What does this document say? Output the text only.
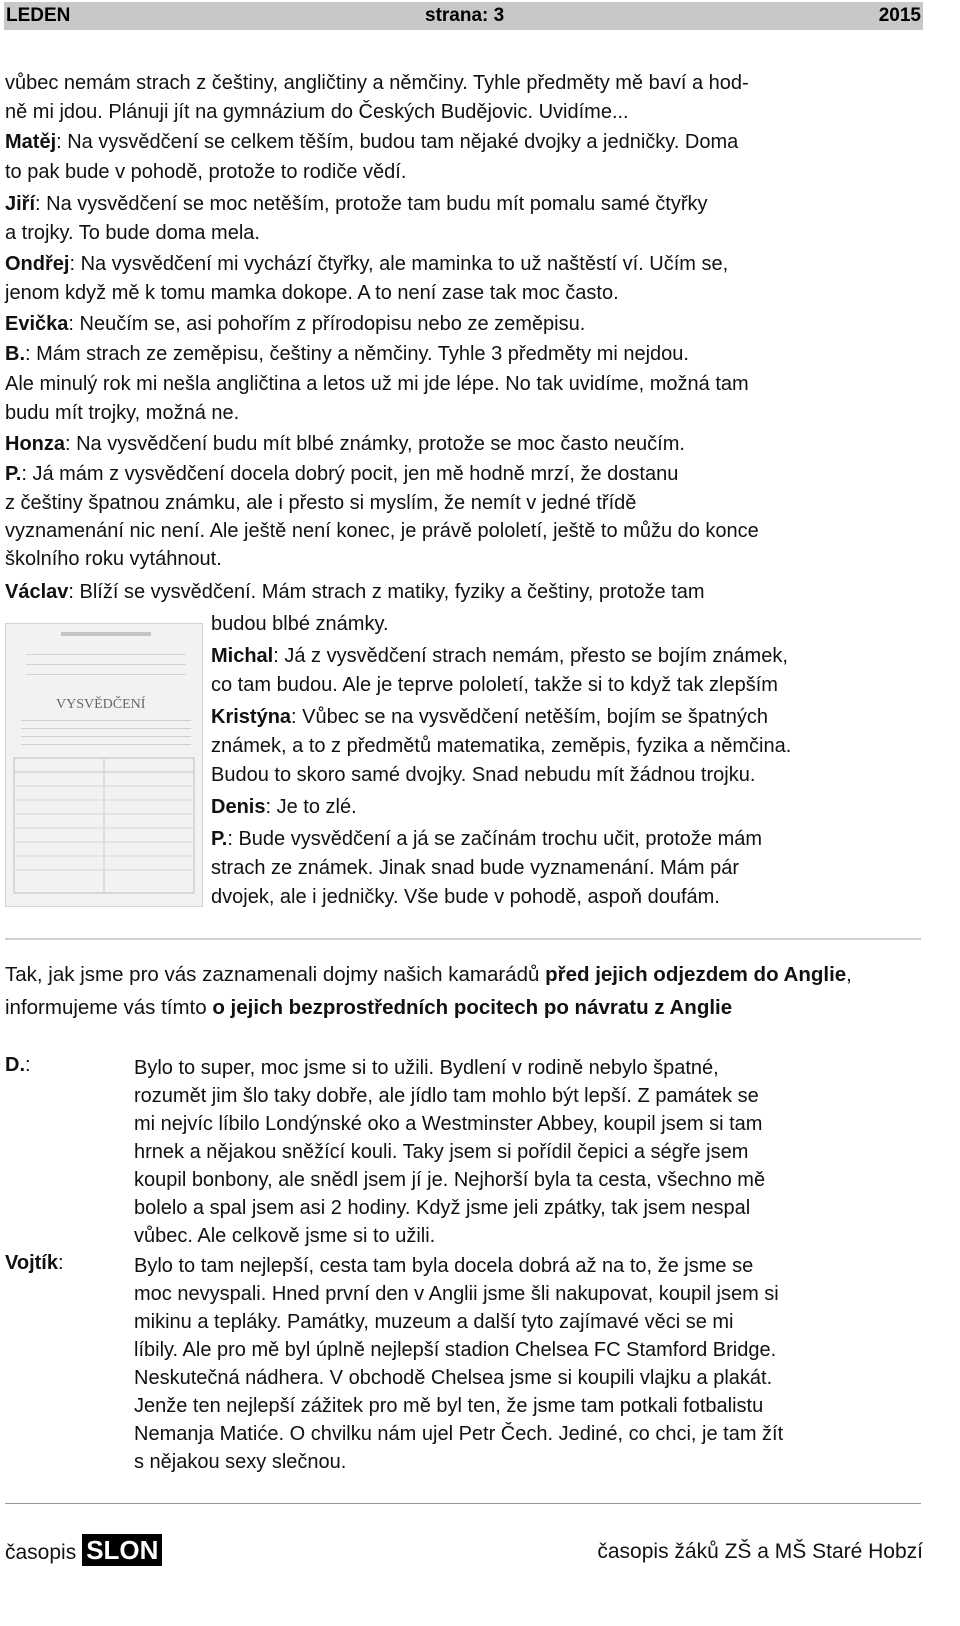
LEDEN	strana: 3	2015
vůbec nemám strach z češtiny, angličtiny a němčiny. Tyhle předměty mě baví a hod-
ně mi jdou. Plánuji jít na gymnázium do Českých Budějovic. Uvidíme...
Matěj: Na vysvědčení se celkem těším, budou tam nějaké dvojky a jedničky. Doma
to pak bude v pohodě, protože to rodiče vědí.
Jiří: Na vysvědčení se moc netěším, protože tam budu mít pomalu samé čtyřky
a trojky. To bude doma mela.
Ondřej: Na vysvědčení mi vychází čtyřky, ale maminka to už naštěstí ví. Učím se,
jenom když mě k tomu mamka dokope. A to není zase tak moc často.
Evička: Neučím se, asi pohořím z přírodopisu nebo ze zeměpisu.
B.: Mám strach ze zeměpisu, češtiny a němčiny. Tyhle 3 předměty mi nejdou.
Ale minulý rok mi nešla angličtina a letos už mi jde lépe. No tak uvidíme, možná tam
budu mít trojky, možná ne.
Honza: Na vysvědčení budu mít blbé známky, protože se moc často neučím.
P.: Já mám z vysvědčení docela dobrý pocit, jen mě hodně mrzí, že dostanu
z češtiny špatnou známku, ale i přesto si myslím, že nemít v jedné třídě
vyznamenání nic není. Ale ještě není konec, je právě pololetí, ještě to můžu do konce
školního roku vytáhnout.
Václav: Blíží se vysvědčení. Mám strach z matiky, fyziky a češtiny, protože tam
VYSVĚDČENÍ
budou blbé známky.
Michal: Já z vysvědčení strach nemám, přesto se bojím známek,
co tam budou. Ale je teprve pololetí, takže si to když tak zlepším
Kristýna: Vůbec se na vysvědčení netěším, bojím se špatných
známek, a to z předmětů matematika, zeměpis, fyzika a němčina.
Budou to skoro samé dvojky. Snad nebudu mít žádnou trojku.
Denis: Je to zlé.
P.: Bude vysvědčení a já se začínám trochu učit, protože mám
strach ze známek. Jinak snad bude vyznamenání. Mám pár
dvojek, ale i jedničky. Vše bude v pohodě, aspoň doufám.
Tak, jak jsme pro vás zaznamenali dojmy našich kamarádů před jejich odjezdem do Anglie, informujeme vás tímto o jejich bezprostředních pocitech po návratu z Anglie
D.:	Bylo to super, moc jsme si to užili. Bydlení v rodině nebylo špatné,
rozumět jim šlo taky dobře, ale jídlo tam mohlo být lepší. Z památek se
mi nejvíc líbilo Londýnské oko a Westminster Abbey, koupil jsem si tam
hrnek a nějakou sněžící kouli. Taky jsem si pořídil čepici a ségře jsem
koupil bonbony, ale snědl jsem jí je. Nejhorší byla ta cesta, všechno mě
bolelo a spal jsem asi 2 hodiny. Když jsme jeli zpátky, tak jsem nespal
vůbec. Ale celkově jsme si to užili.
Vojtík:	Bylo to tam nejlepší, cesta tam byla docela dobrá až na to, že jsme se
moc nevyspali. Hned první den v Anglii jsme šli nakupovat, koupil jsem si
mikinu a tepláky. Památky, muzeum a další tyto zajímavé věci se mi
líbily. Ale pro mě byl úplně nejlepší stadion Chelsea FC Stamford Bridge.
Neskutečná nádhera. V obchodě Chelsea jsme si koupili vlajku a plakát.
Jenže ten nejlepší zážitek pro mě byl ten, že jsme tam potkali fotbalistu
Nemanja Matiće. O chvilku nám ujel Petr Čech. Jediné, co chci, je tam žít
s nějakou sexy slečnou.
časopis SLON	časopis žáků ZŠ a MŠ Staré Hobzí
